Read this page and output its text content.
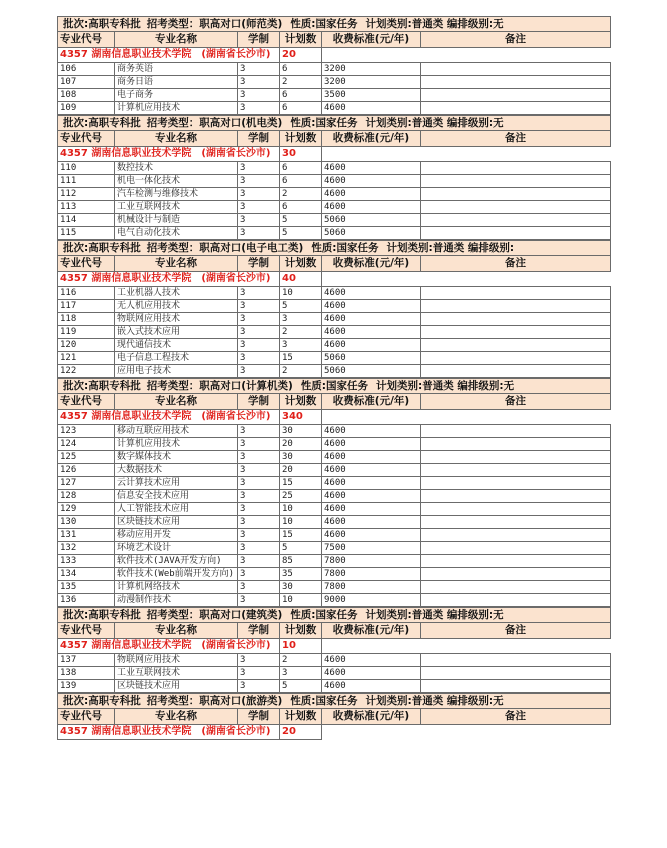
批次:高职专科批 招考类型：职高对口(师范类) 性质:国家任务 计划类别:普通类 编排级别:无					
专业代号	专业名称	学制	计划数	收费标准(元/年)	备注
4357 湖南信息职业技术学院　(湖南省长沙市)			20		
106	商务英语	3	6	3200	
107	商务日语	3	2	3200	
108	电子商务	3	6	3500	
109	计算机应用技术	3	6	4600	
批次:高职专科批 招考类型：职高对口(机电类) 性质:国家任务 计划类别:普通类 编排级别:无					
专业代号	专业名称	学制	计划数	收费标准(元/年)	备注
4357 湖南信息职业技术学院　(湖南省长沙市)			30		
110	数控技术	3	6	4600	
111	机电一体化技术	3	6	4600	
112	汽车检测与维修技术	3	2	4600	
113	工业互联网技术	3	6	4600	
114	机械设计与制造	3	5	5060	
115	电气自动化技术	3	5	5060	
批次:高职专科批 招考类型：职高对口(电子电工类) 性质:国家任务 计划类别:普通类 编排级别:					
专业代号	专业名称	学制	计划数	收费标准(元/年)	备注
4357 湖南信息职业技术学院　(湖南省长沙市)			40		
116	工业机器人技术	3	10	4600	
117	无人机应用技术	3	5	4600	
118	物联网应用技术	3	3	4600	
119	嵌入式技术应用	3	2	4600	
120	现代通信技术	3	3	4600	
121	电子信息工程技术	3	15	5060	
122	应用电子技术	3	2	5060	
批次:高职专科批 招考类型：职高对口(计算机类) 性质:国家任务 计划类别:普通类 编排级别:无					
专业代号	专业名称	学制	计划数	收费标准(元/年)	备注
4357 湖南信息职业技术学院　(湖南省长沙市)			340		
123	移动互联应用技术	3	30	4600	
124	计算机应用技术	3	20	4600	
125	数字媒体技术	3	30	4600	
126	大数据技术	3	20	4600	
127	云计算技术应用	3	15	4600	
128	信息安全技术应用	3	25	4600	
129	人工智能技术应用	3	10	4600	
130	区块链技术应用	3	10	4600	
131	移动应用开发	3	15	4600	
132	环境艺术设计	3	5	7500	
133	软件技术(JAVA开发方向)	3	85	7800	
134	软件技术(Web前端开发方向)	3	35	7800	
135	计算机网络技术	3	30	7800	
136	动漫制作技术	3	10	9000	
批次:高职专科批 招考类型：职高对口(建筑类) 性质:国家任务 计划类别:普通类 编排级别:无					
专业代号	专业名称	学制	计划数	收费标准(元/年)	备注
4357 湖南信息职业技术学院　(湖南省长沙市)			10		
137	物联网应用技术	3	2	4600	
138	工业互联网技术	3	3	4600	
139	区块链技术应用	3	5	4600	
批次:高职专科批 招考类型：职高对口(旅游类) 性质:国家任务 计划类别:普通类 编排级别:无					
专业代号	专业名称	学制	计划数	收费标准(元/年)	备注
4357 湖南信息职业技术学院　(湖南省长沙市)			20		
